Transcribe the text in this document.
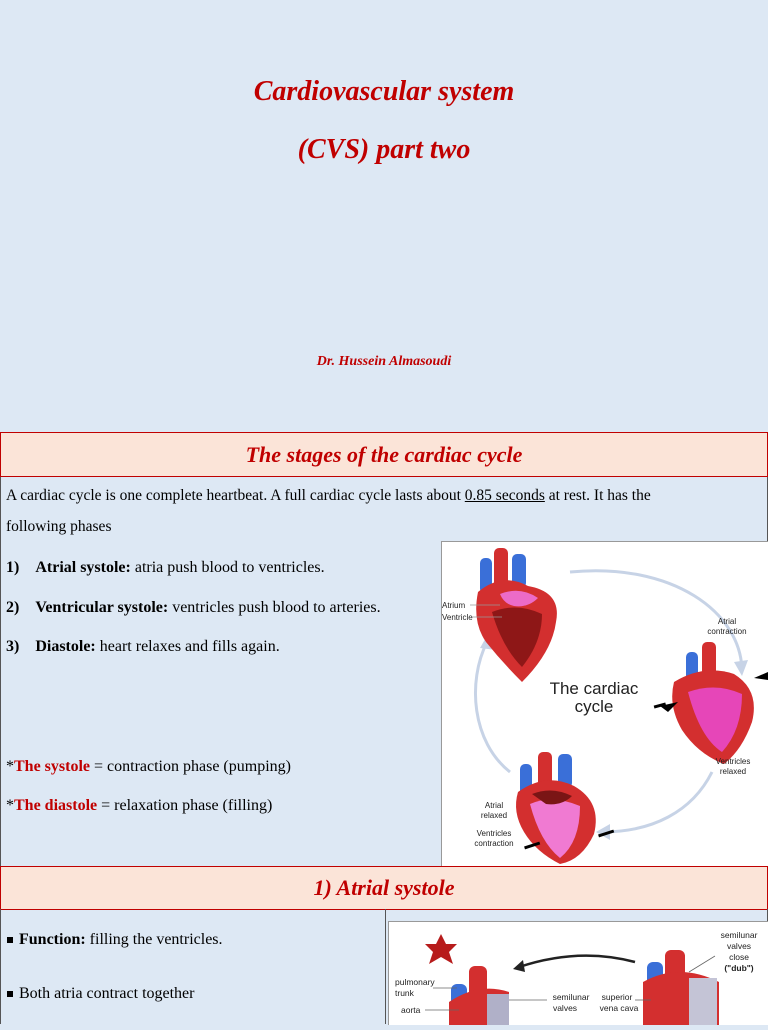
Cardiovascular system
(CVS) part two
Dr. Hussein Almasoudi
The stages of the cardiac cycle
A cardiac cycle is one complete heartbeat. A full cardiac cycle lasts about 0.85 seconds at rest. It has the
following phases
1) Atrial systole: atria push blood to ventricles.
2) Ventricular systole: ventricles push blood to arteries.
3) Diastole: heart relaxes and fills again.
*The systole = contraction phase (pumping)
*The diastole = relaxation phase (filling)
The cardiac
cycle
Atrium
Ventricle	Atrial
contraction
Ventricles
relaxed
Atrial
relaxed
Ventricles
contraction
1) Atrial systole
Function: filling the ventricles.
Both atria contract together
semilunar
valves
close
("dub")
pulmonary
trunk
aorta
semilunar
valves
superior
vena cava
